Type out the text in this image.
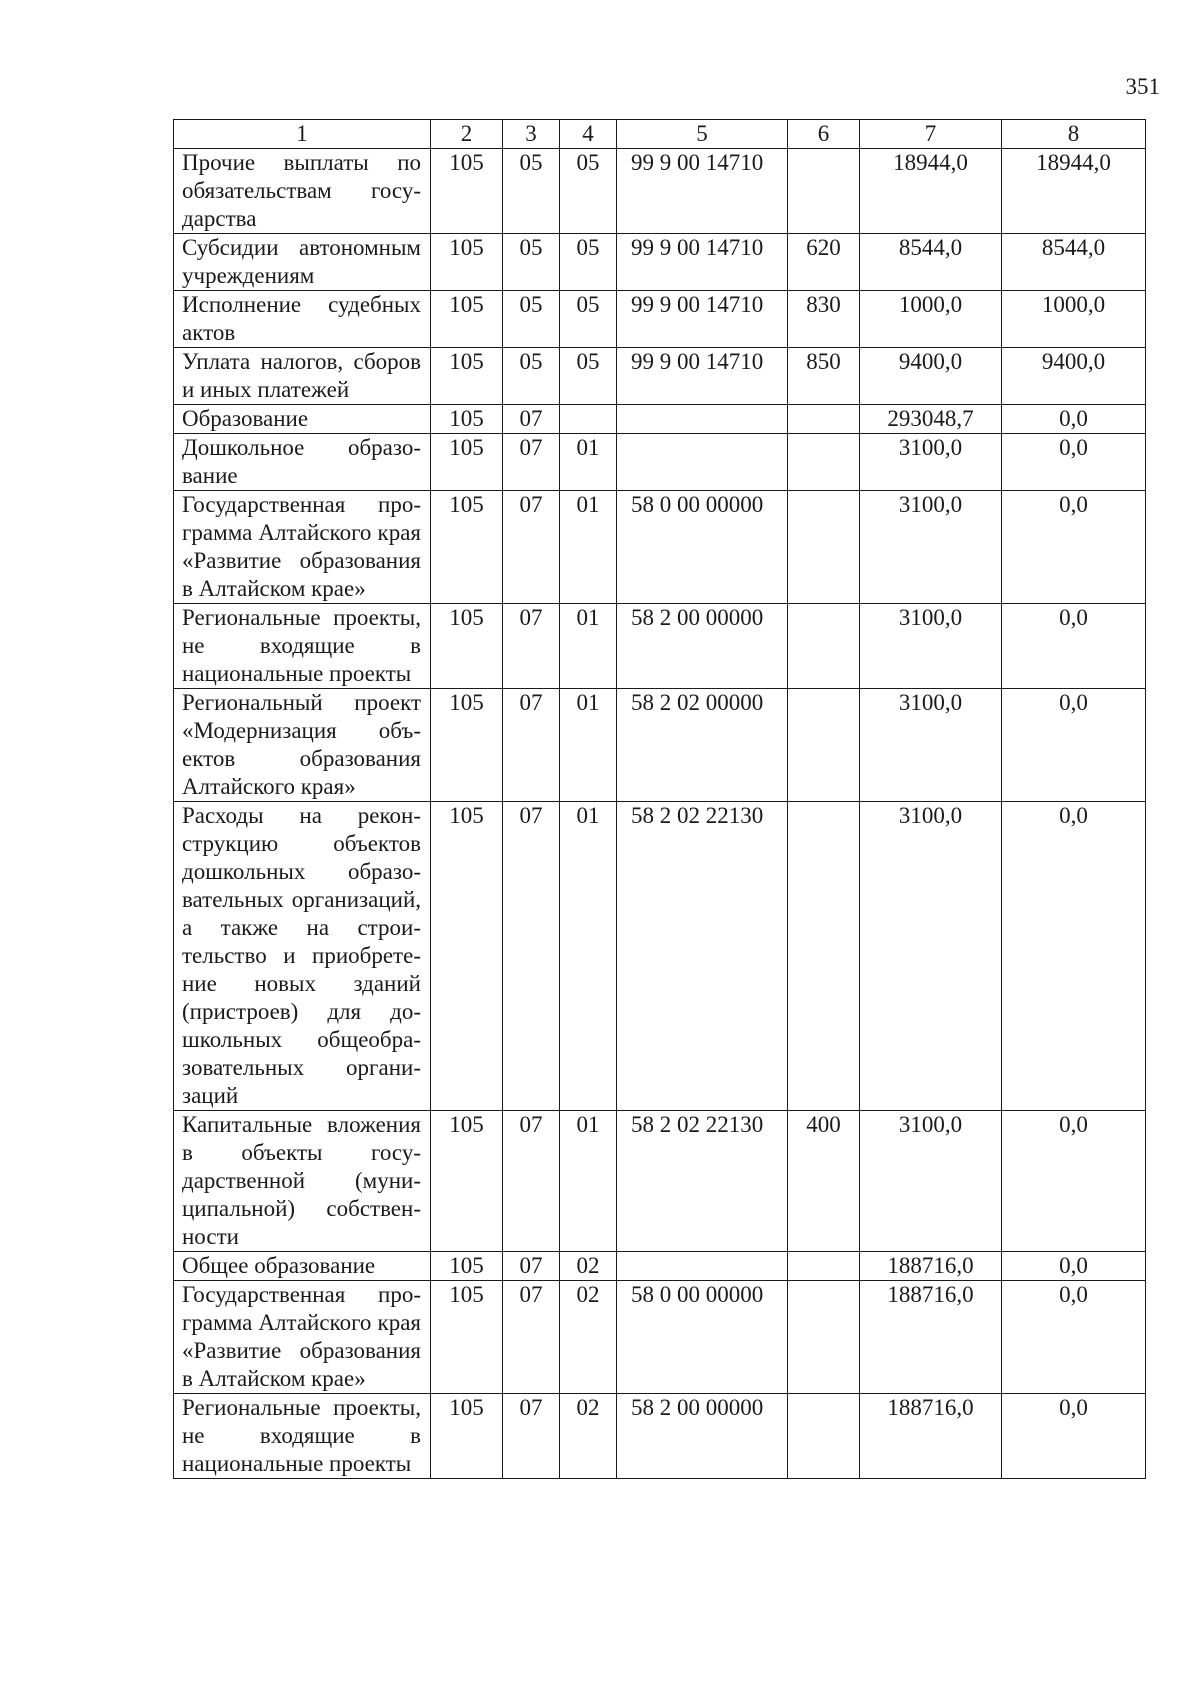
351
1	2	3	4	5	6	7	8
Прочие выплаты по обязательствам государства	105	05	05	99 9 00 14710		18944,0	18944,0
Субсидии автономным учреждениям	105	05	05	99 9 00 14710	620	8544,0	8544,0
Исполнение судебных актов	105	05	05	99 9 00 14710	830	1000,0	1000,0
Уплата налогов, сборов и иных платежей	105	05	05	99 9 00 14710	850	9400,0	9400,0
Образование	105	07				293048,7	0,0
Дошкольное образование	105	07	01			3100,0	0,0
Государственная программа Алтайского края «Развитие образования в Алтайском крае»	105	07	01	58 0 00 00000		3100,0	0,0
Региональные проекты, не входящие в национальные проекты	105	07	01	58 2 00 00000		3100,0	0,0
Региональный проект «Модернизация объектов образования Алтайского края»	105	07	01	58 2 02 00000		3100,0	0,0
Расходы на реконструкцию объектов дошкольных образовательных организаций, а также на строительство и приобретение новых зданий (пристроев) для дошкольных общеобразовательных организаций	105	07	01	58 2 02 22130		3100,0	0,0
Капитальные вложения в объекты государственной (муниципальной) собственности	105	07	01	58 2 02 22130	400	3100,0	0,0
Общее образование	105	07	02			188716,0	0,0
Государственная программа Алтайского края «Развитие образования в Алтайском крае»	105	07	02	58 0 00 00000		188716,0	0,0
Региональные проекты, не входящие в национальные проекты	105	07	02	58 2 00 00000		188716,0	0,0
